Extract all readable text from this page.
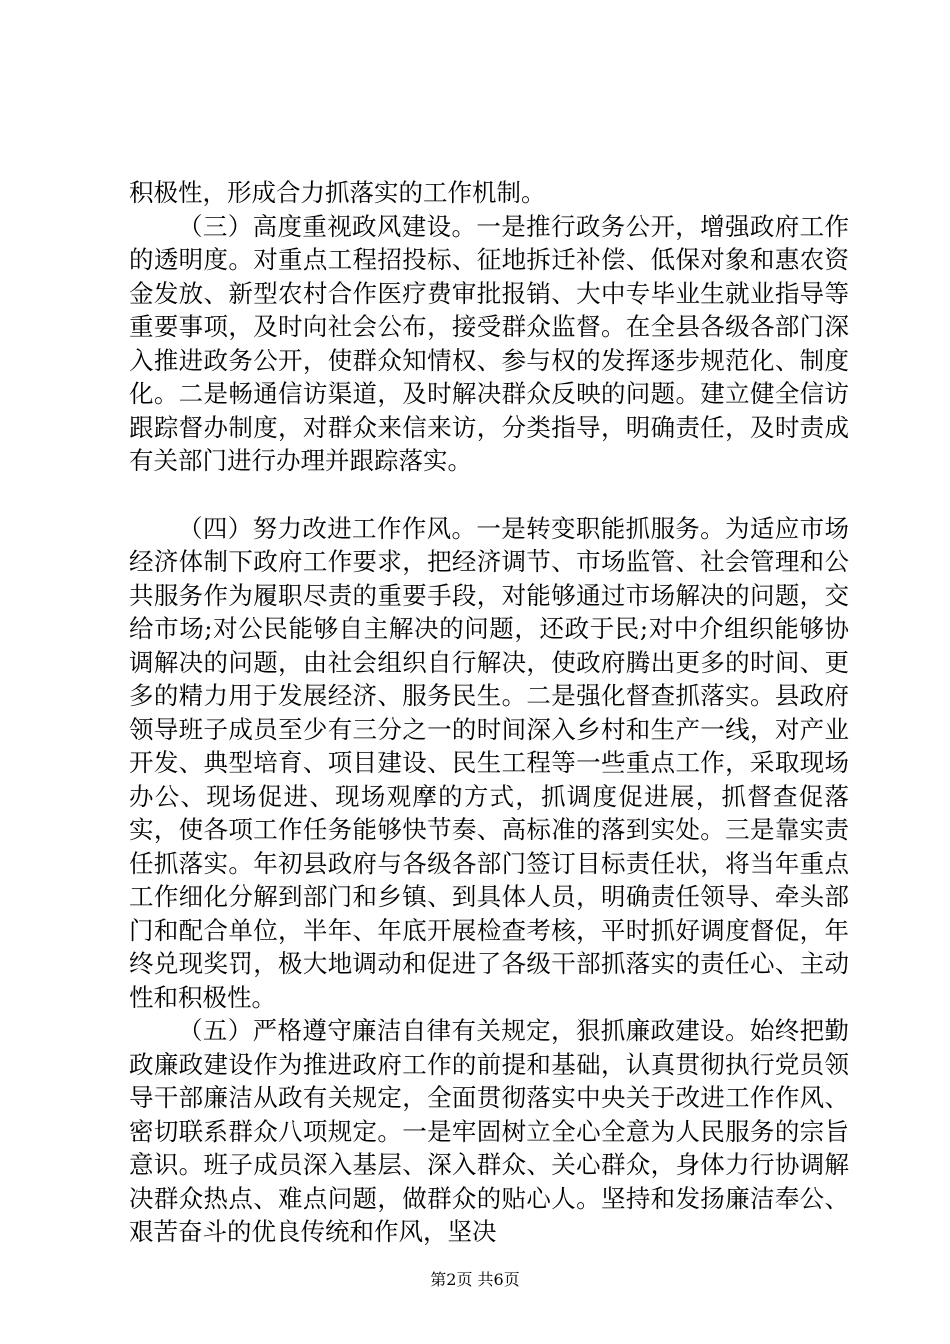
积极性，形成合力抓落实的工作机制。

（三）高度重视政风建设。一是推行政务公开，增强政府工作的透明度。对重点工程招投标、征地拆迁补偿、低保对象和惠农资金发放、新型农村合作医疗费审批报销、大中专毕业生就业指导等重要事项，及时向社会公布，接受群众监督。在全县各级各部门深入推进政务公开，使群众知情权、参与权的发挥逐步规范化、制度化。二是畅通信访渠道，及时解决群众反映的问题。建立健全信访跟踪督办制度，对群众来信来访，分类指导，明确责任，及时责成有关部门进行办理并跟踪落实。

（四）努力改进工作作风。一是转变职能抓服务。为适应市场经济体制下政府工作要求，把经济调节、市场监管、社会管理和公共服务作为履职尽责的重要手段，对能够通过市场解决的问题，交给市场;对公民能够自主解决的问题，还政于民;对中介组织能够协调解决的问题，由社会组织自行解决，使政府腾出更多的时间、更多的精力用于发展经济、服务民生。二是强化督查抓落实。县政府领导班子成员至少有三分之一的时间深入乡村和生产一线，对产业开发、典型培育、项目建设、民生工程等一些重点工作，采取现场办公、现场促进、现场观摩的方式，抓调度促进展，抓督查促落实，使各项工作任务能够快节奏、高标准的落到实处。三是靠实责任抓落实。年初县政府与各级各部门签订目标责任状，将当年重点工作细化分解到部门和乡镇、到具体人员，明确责任领导、牵头部门和配合单位，半年、年底开展检查考核，平时抓好调度督促，年终兑现奖罚，极大地调动和促进了各级干部抓落实的责任心、主动性和积极性。

（五）严格遵守廉洁自律有关规定，狠抓廉政建设。始终把勤政廉政建设作为推进政府工作的前提和基础，认真贯彻执行党员领导干部廉洁从政有关规定，全面贯彻落实中央关于改进工作作风、密切联系群众八项规定。一是牢固树立全心全意为人民服务的宗旨意识。班子成员深入基层、深入群众、关心群众，身体力行协调解决群众热点、难点问题，做群众的贴心人。坚持和发扬廉洁奉公、艰苦奋斗的优良传统和作风，坚决

第2页 共6页
